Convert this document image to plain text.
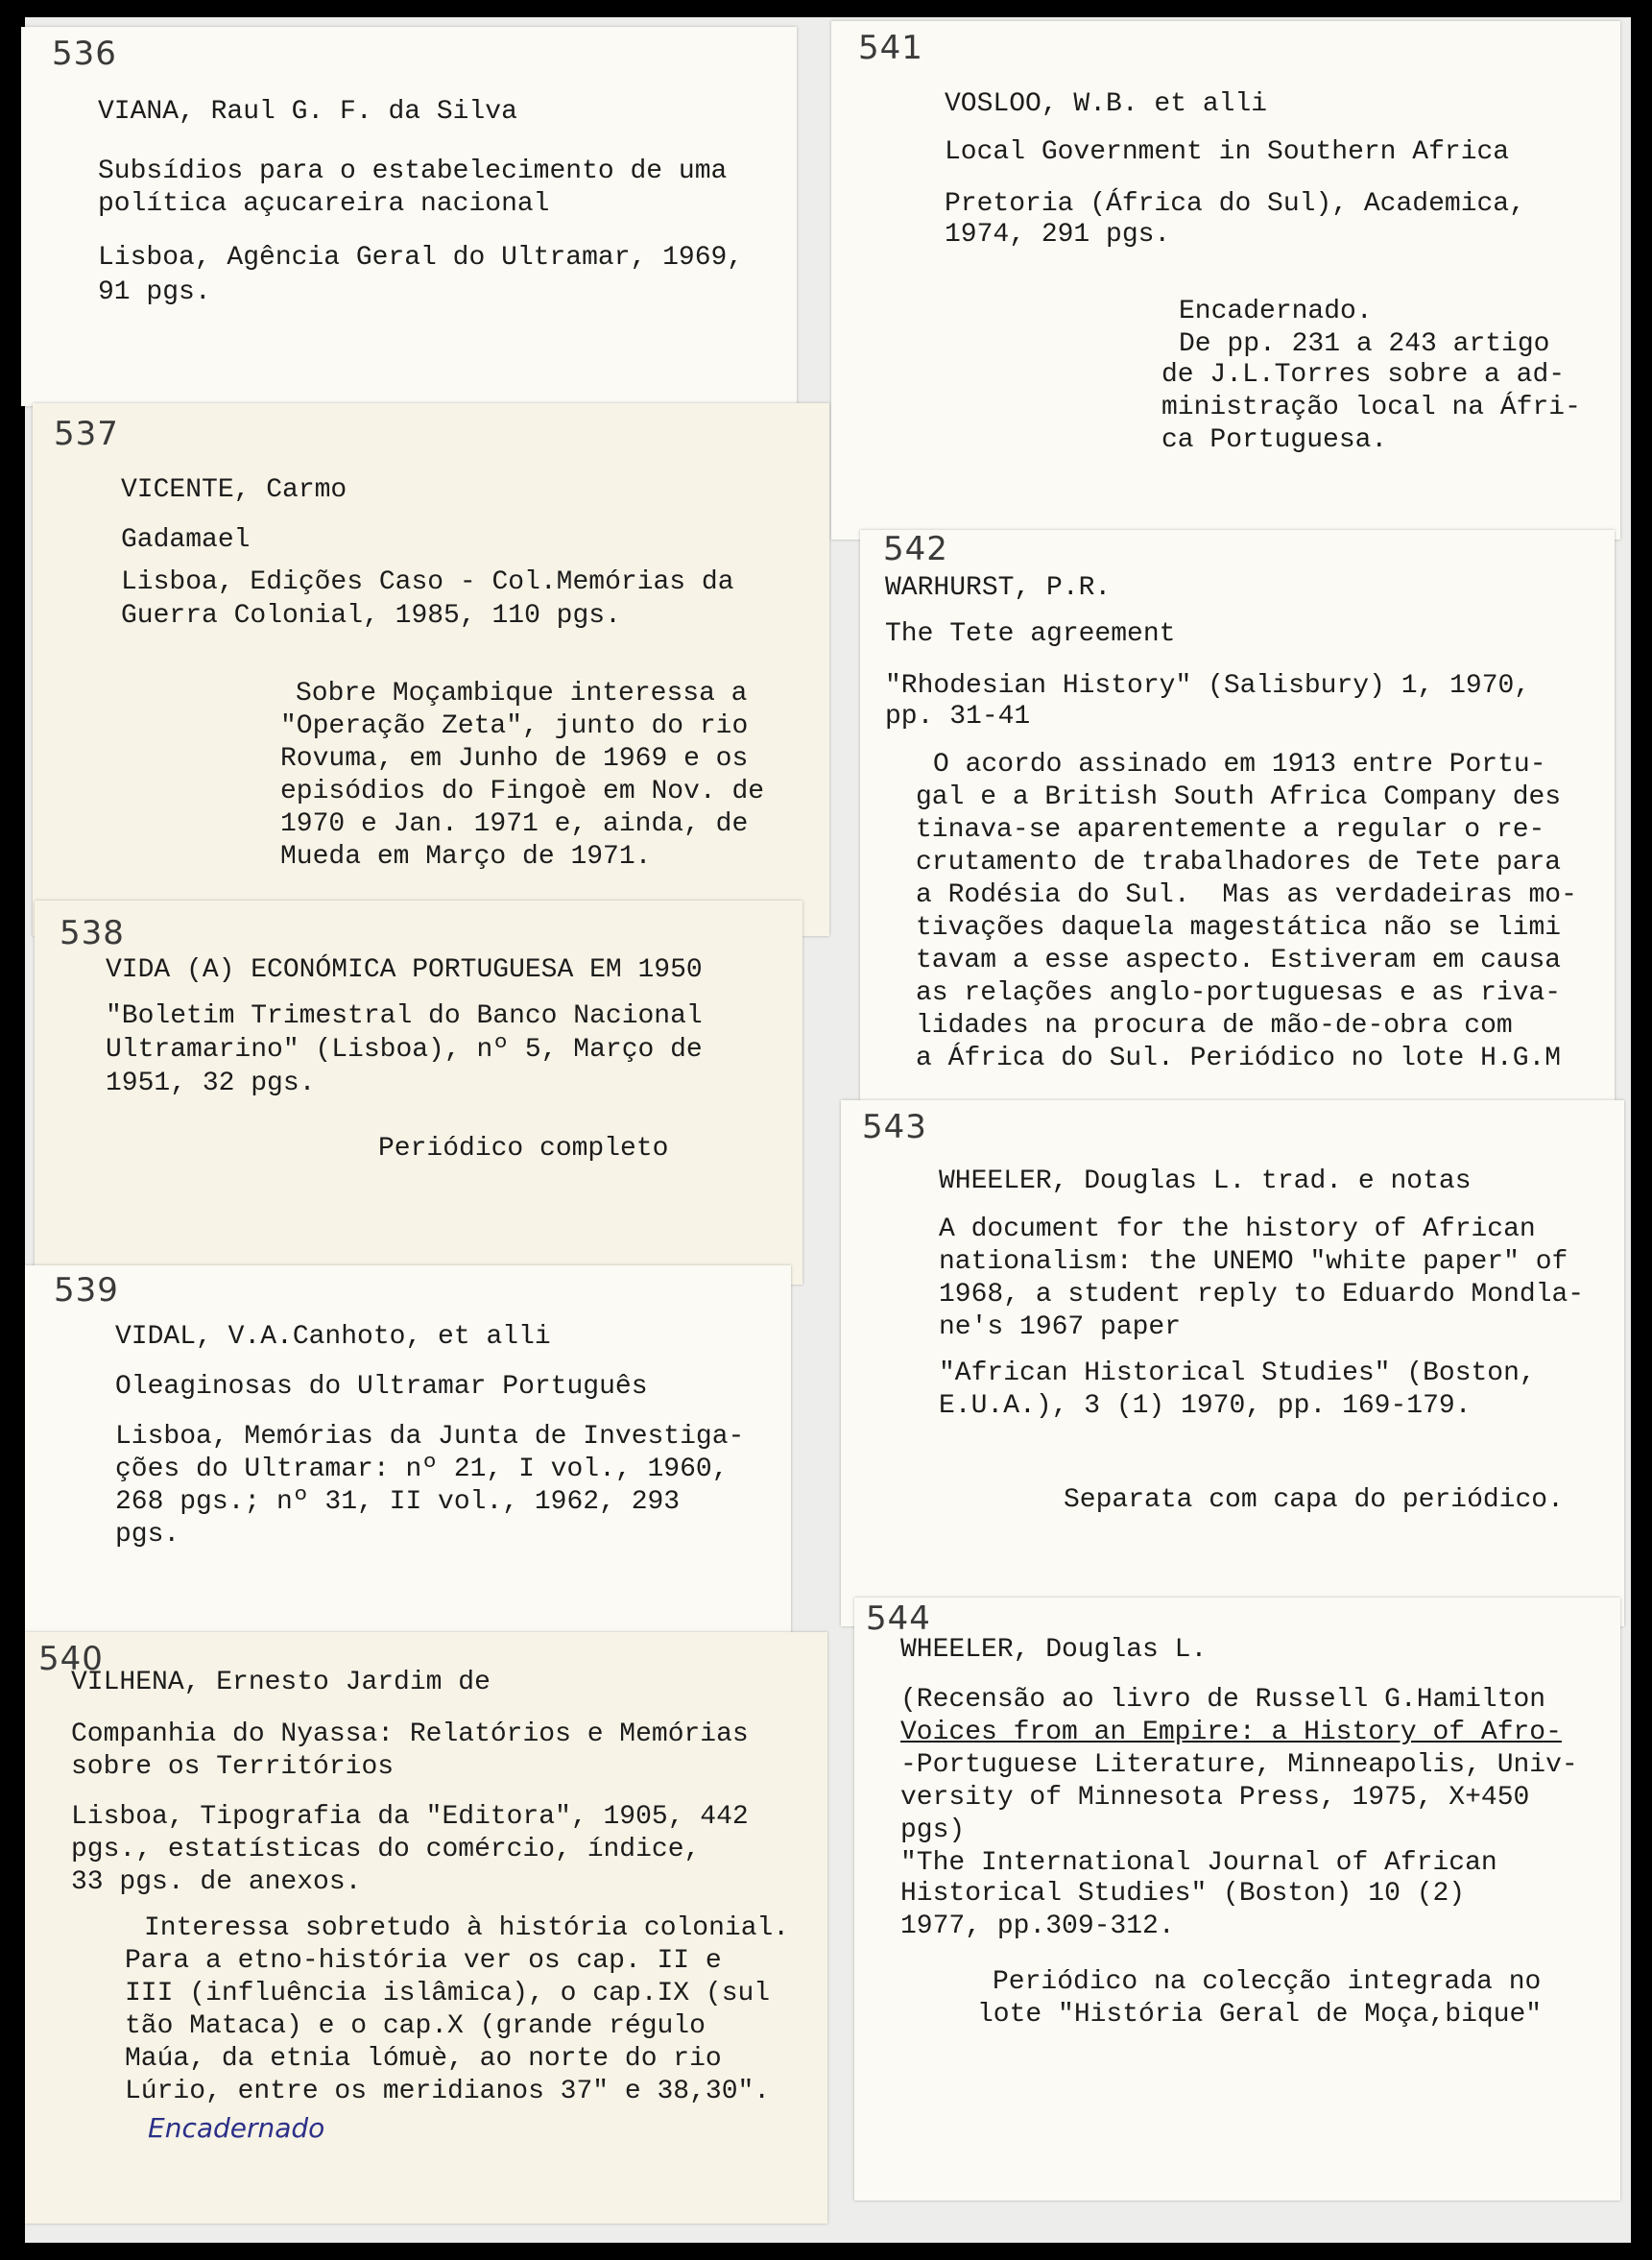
536
VIANA, Raul G. F. da Silva
Subsídios para o estabelecimento de uma
política açucareira nacional
Lisboa, Agência Geral do Ultramar, 1969,
91 pgs.
537
VICENTE, Carmo
Gadamael
Lisboa, Edições Caso - Col.Memórias da
Guerra Colonial, 1985, 110 pgs.
Sobre Moçambique interessa a
"Operação Zeta", junto do rio
Rovuma, em Junho de 1969 e os
episódios do Fingoè em Nov. de
1970 e Jan. 1971 e, ainda, de
Mueda em Março de 1971.
538
VIDA (A) ECONÓMICA PORTUGUESA EM 1950
"Boletim Trimestral do Banco Nacional
Ultramarino" (Lisboa), nº 5, Março de
1951, 32 pgs.
Periódico completo
539
VIDAL, V.A.Canhoto, et alli
Oleaginosas do Ultramar Português
Lisboa, Memórias da Junta de Investiga-
ções do Ultramar: nº 21, I vol., 1960,
268 pgs.; nº 31, II vol., 1962, 293
pgs.
540
VILHENA, Ernesto Jardim de
Companhia do Nyassa: Relatórios e Memórias
sobre os Territórios
Lisboa, Tipografia da "Editora", 1905, 442
pgs., estatísticas do comércio, índice,
33 pgs. de anexos.
Interessa sobretudo à história colonial.
Para a etno-história ver os cap. II e
III (influência islâmica), o cap.IX (sul
tão Mataca) e o cap.X (grande régulo
Maúa, da etnia lómuè, ao norte do rio
Lúrio, entre os meridianos 37" e 38,30".
Encadernado
541
VOSLOO, W.B. et alli
Local Government in Southern Africa
Pretoria (África do Sul), Academica,
1974, 291 pgs.
Encadernado.
De pp. 231 a 243 artigo
de J.L.Torres sobre a ad-
ministração local na Áfri-
ca Portuguesa.
542
WARHURST, P.R.
The Tete agreement
"Rhodesian History" (Salisbury) 1, 1970,
pp. 31-41
O acordo assinado em 1913 entre Portu-
gal e a British South Africa Company des
tinava-se aparentemente a regular o re-
crutamento de trabalhadores de Tete para
a Rodésia do Sul.  Mas as verdadeiras mo-
tivações daquela magestática não se limi
tavam a esse aspecto. Estiveram em causa
as relações anglo-portuguesas e as riva-
lidades na procura de mão-de-obra com
a África do Sul. Periódico no lote H.G.M
543
WHEELER, Douglas L. trad. e notas
A document for the history of African
nationalism: the UNEMO "white paper" of
1968, a student reply to Eduardo Mondla-
ne's 1967 paper
"African Historical Studies" (Boston,
E.U.A.), 3 (1) 1970, pp. 169-179.
Separata com capa do periódico.
544
WHEELER, Douglas L.
(Recensão ao livro de Russell G.Hamilton
Voices from an Empire: a History of Afro-
-Portuguese Literature, Minneapolis, Univ-
versity of Minnesota Press, 1975, X+450
pgs)
"The International Journal of African
Historical Studies" (Boston) 10 (2)
1977, pp.309-312.
Periódico na colecção integrada no
lote "História Geral de Moça,bique"
